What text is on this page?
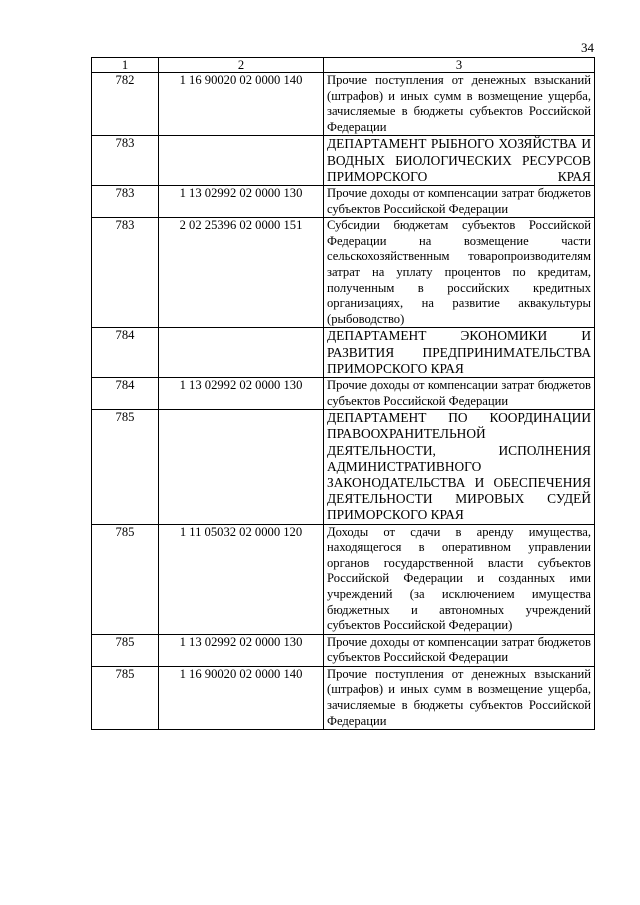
34
1	2	3
782	1 16 90020 02 0000 140	Прочие поступления от денежных взысканий (штрафов) и иных сумм в возмещение ущерба, зачисляемые в бюджеты субъектов Российской Федерации
783		ДЕПАРТАМЕНТ РЫБНОГО ХОЗЯЙСТВА И ВОДНЫХ БИОЛОГИЧЕСКИХ РЕСУРСОВ ПРИМОРСКОГО КРАЯ
783	1 13 02992 02 0000 130	Прочие доходы от компенсации затрат бюджетов субъектов Российской Федерации
783	2 02 25396 02 0000 151	Субсидии бюджетам субъектов Российской Федерации на возмещение части сельскохозяйственным товаропроизводителям затрат на уплату процентов по кредитам, полученным в российских кредитных организациях, на развитие аквакультуры (рыбоводство)
784		ДЕПАРТАМЕНТ ЭКОНОМИКИ И РАЗВИТИЯ ПРЕДПРИНИМАТЕЛЬСТВА ПРИМОРСКОГО КРАЯ
784	1 13 02992 02 0000 130	Прочие доходы от компенсации затрат бюджетов субъектов Российской Федерации
785		ДЕПАРТАМЕНТ ПО КООРДИНАЦИИ ПРАВООХРАНИТЕЛЬНОЙ ДЕЯТЕЛЬНОСТИ, ИСПОЛНЕНИЯ АДМИНИСТРАТИВНОГО ЗАКОНОДАТЕЛЬСТВА И ОБЕСПЕЧЕНИЯ ДЕЯТЕЛЬНОСТИ МИРОВЫХ СУДЕЙ ПРИМОРСКОГО КРАЯ
785	1 11 05032 02 0000 120	Доходы от сдачи в аренду имущества, находящегося в оперативном управлении органов государственной власти субъектов Российской Федерации и созданных ими учреждений (за исключением имущества бюджетных и автономных учреждений субъектов Российской Федерации)
785	1 13 02992 02 0000 130	Прочие доходы от компенсации затрат бюджетов субъектов Российской Федерации
785	1 16 90020 02 0000 140	Прочие поступления от денежных взысканий (штрафов) и иных сумм в возмещение ущерба, зачисляемые в бюджеты субъектов Российской Федерации
